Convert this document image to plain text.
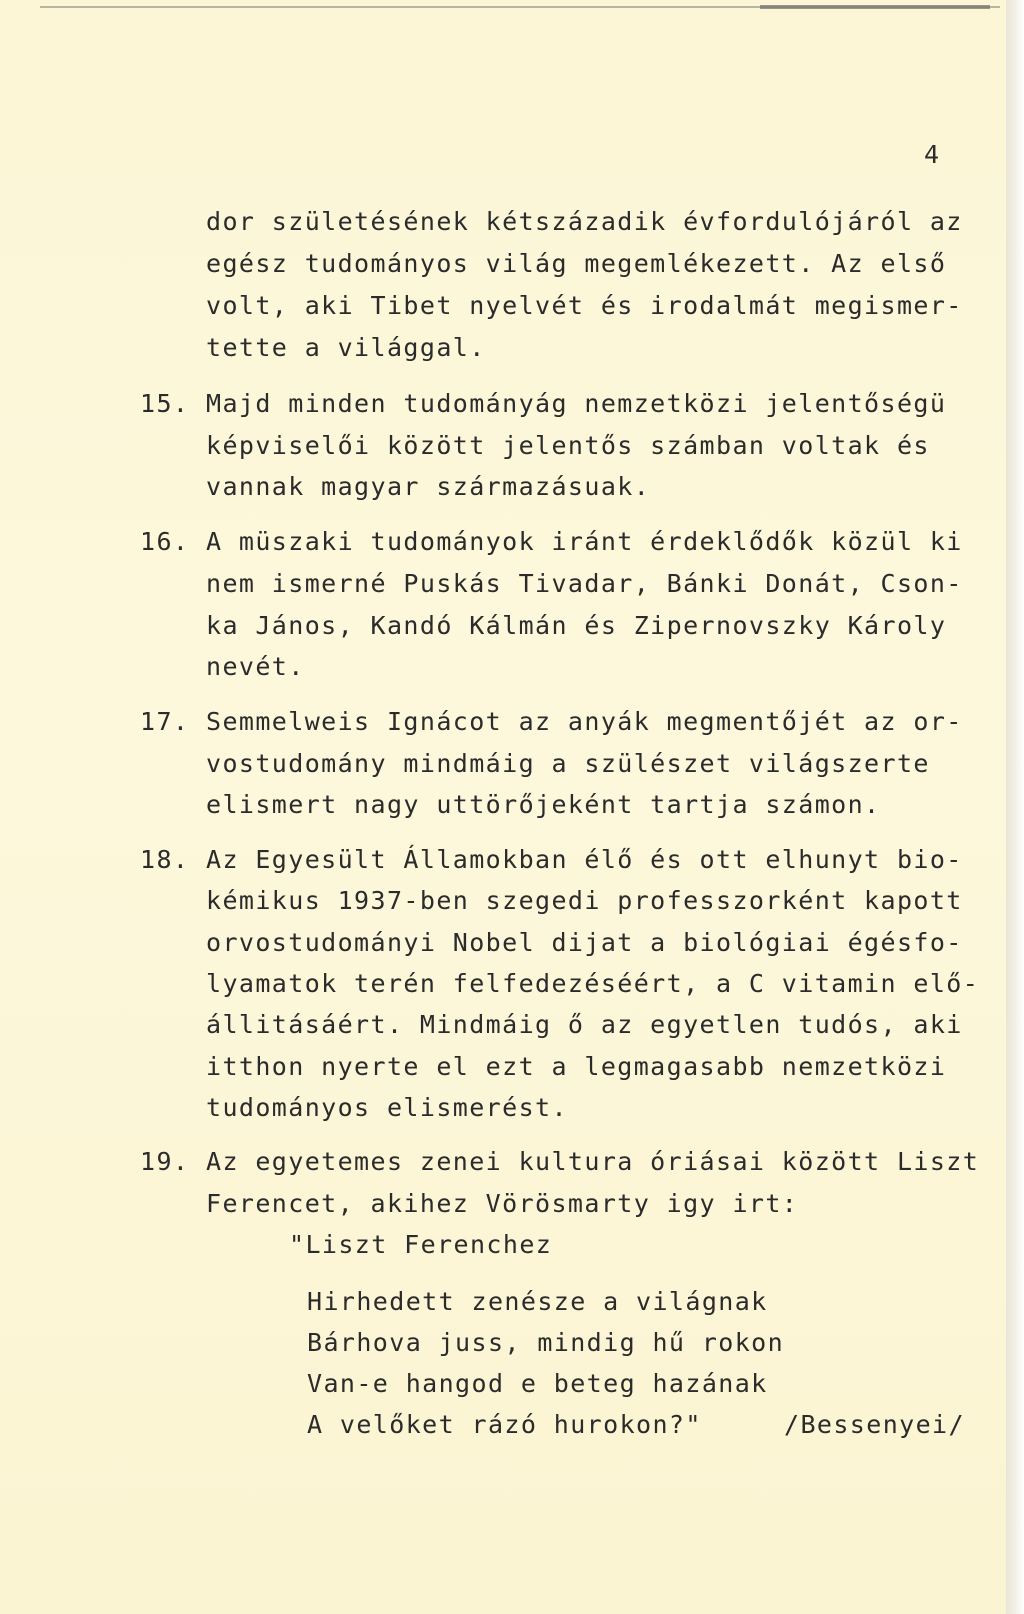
4
dor születésének kétszázadik évfordulójáról az
egész tudományos világ megemlékezett. Az első
volt, aki Tibet nyelvét és irodalmát megismer-
tette a világgal.
15. Majd minden tudományág nemzetközi jelentőségü
képviselői között jelentős számban voltak és
vannak magyar származásuak.
16. A müszaki tudományok iránt érdeklődők közül ki
nem ismerné Puskás Tivadar, Bánki Donát, Cson-
ka János, Kandó Kálmán és Zipernovszky Károly
nevét.
17. Semmelweis Ignácot az anyák megmentőjét az or-
vostudomány mindmáig a szülészet világszerte
elismert nagy uttörőjeként tartja számon.
18. Az Egyesült Államokban élő és ott elhunyt bio-
kémikus 1937-ben szegedi professzorként kapott
orvostudományi Nobel dijat a biológiai égésfo-
lyamatok terén felfedezéséért, a C vitamin elő-
állitásáért. Mindmáig ő az egyetlen tudós, aki
itthon nyerte el ezt a legmagasabb nemzetközi
tudományos elismerést.
19. Az egyetemes zenei kultura óriásai között Liszt
Ferencet, akihez Vörösmarty igy irt:
"Liszt Ferenchez
Hirhedett zenésze a világnak
Bárhova juss, mindig hű rokon
Van-e hangod e beteg hazának
A velőket rázó hurokon?"	/Bessenyei/
